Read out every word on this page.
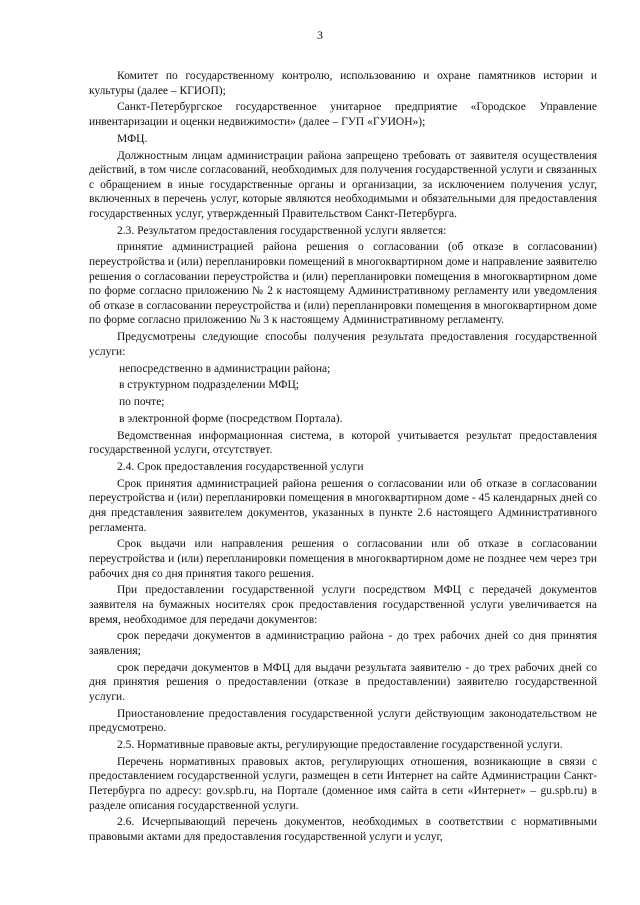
3

Комитет по государственному контролю, использованию и охране памятников истории и культуры (далее – КГИОП);

Санкт-Петербургское государственное унитарное предприятие «Городское Управление инвентаризации и оценки недвижимости» (далее – ГУП «ГУИОН»);

МФЦ.

Должностным лицам администрации района запрещено требовать от заявителя осуществления действий, в том числе согласований, необходимых для получения государственной услуги и связанных с обращением в иные государственные органы и организации, за исключением получения услуг, включенных в перечень услуг, которые являются необходимыми и обязательными для предоставления государственных услуг, утвержденный Правительством Санкт-Петербурга.

2.3. Результатом предоставления государственной услуги является:

принятие администрацией района решения о согласовании (об отказе в согласовании) переустройства и (или) перепланировки помещений в многоквартирном доме и направление заявителю решения о согласовании переустройства и (или) перепланировки помещения в многоквартирном доме по форме согласно приложению № 2 к настоящему Административному регламенту или уведомления об отказе в согласовании переустройства и (или) перепланировки помещения в многоквартирном доме по форме согласно приложению № 3 к настоящему Административному регламенту.

Предусмотрены следующие способы получения результата предоставления государственной услуги:

непосредственно в администрации района;

в структурном подразделении МФЦ;

по почте;

в электронной форме (посредством Портала).

Ведомственная информационная система, в которой учитывается результат предоставления государственной услуги, отсутствует.

2.4. Срок предоставления государственной услуги

Срок принятия администрацией района решения о согласовании или об отказе в согласовании переустройства и (или) перепланировки помещения в многоквартирном доме - 45 календарных дней со дня представления заявителем документов, указанных в пункте 2.6 настоящего Административного регламента.

Срок выдачи или направления решения о согласовании или об отказе в согласовании переустройства и (или) перепланировки помещения в многоквартирном доме не позднее чем через три рабочих дня со дня принятия такого решения.

При предоставлении государственной услуги посредством МФЦ с передачей документов заявителя на бумажных носителях срок предоставления государственной услуги увеличивается на время, необходимое для передачи документов:

срок передачи документов в администрацию района - до трех рабочих дней со дня принятия заявления;

срок передачи документов в МФЦ для выдачи результата заявителю - до трех рабочих дней со дня принятия решения о предоставлении (отказе в предоставлении) заявителю государственной услуги.

Приостановление предоставления государственной услуги действующим законодательством не предусмотрено.

2.5. Нормативные правовые акты, регулирующие предоставление государственной услуги.

Перечень нормативных правовых актов, регулирующих отношения, возникающие в связи с предоставлением государственной услуги, размещен в сети Интернет на сайте Администрации Санкт-Петербурга по адресу: gov.spb.ru, на Портале (доменное имя сайта в сети «Интернет» – gu.spb.ru) в разделе описания государственной услуги.

2.6. Исчерпывающий перечень документов, необходимых в соответствии с нормативными правовыми актами для предоставления государственной услуги и услуг,
